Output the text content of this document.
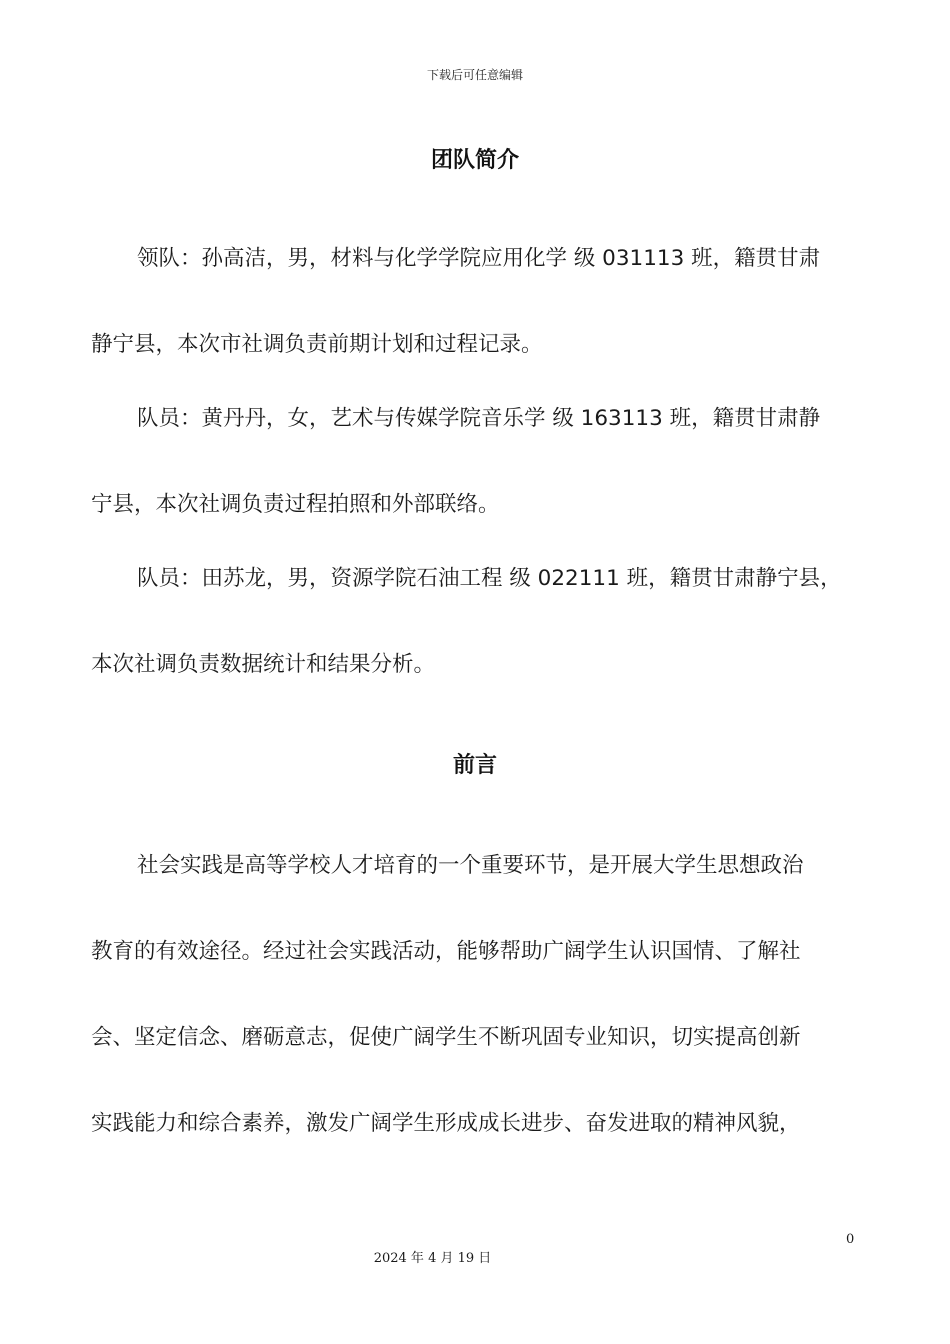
下载后可任意编辑
团队简介
领队：孙高洁，男，材料与化学学院应用化学 级 031113 班，籍贯甘肃
静宁县，本次市社调负责前期计划和过程记录。
队员：黄丹丹，女，艺术与传媒学院音乐学 级 163113 班，籍贯甘肃静
宁县，本次社调负责过程拍照和外部联络。
队员：田苏龙，男，资源学院石油工程 级 022111 班，籍贯甘肃静宁县，
本次社调负责数据统计和结果分析。
前言
社会实践是高等学校人才培育的一个重要环节，是开展大学生思想政治
教育的有效途径。经过社会实践活动，能够帮助广阔学生认识国情、了解社
会、坚定信念、磨砺意志，促使广阔学生不断巩固专业知识，切实提高创新
实践能力和综合素养，激发广阔学生形成成长进步、奋发进取的精神风貌，
0
2024 年 4 月 19 日
